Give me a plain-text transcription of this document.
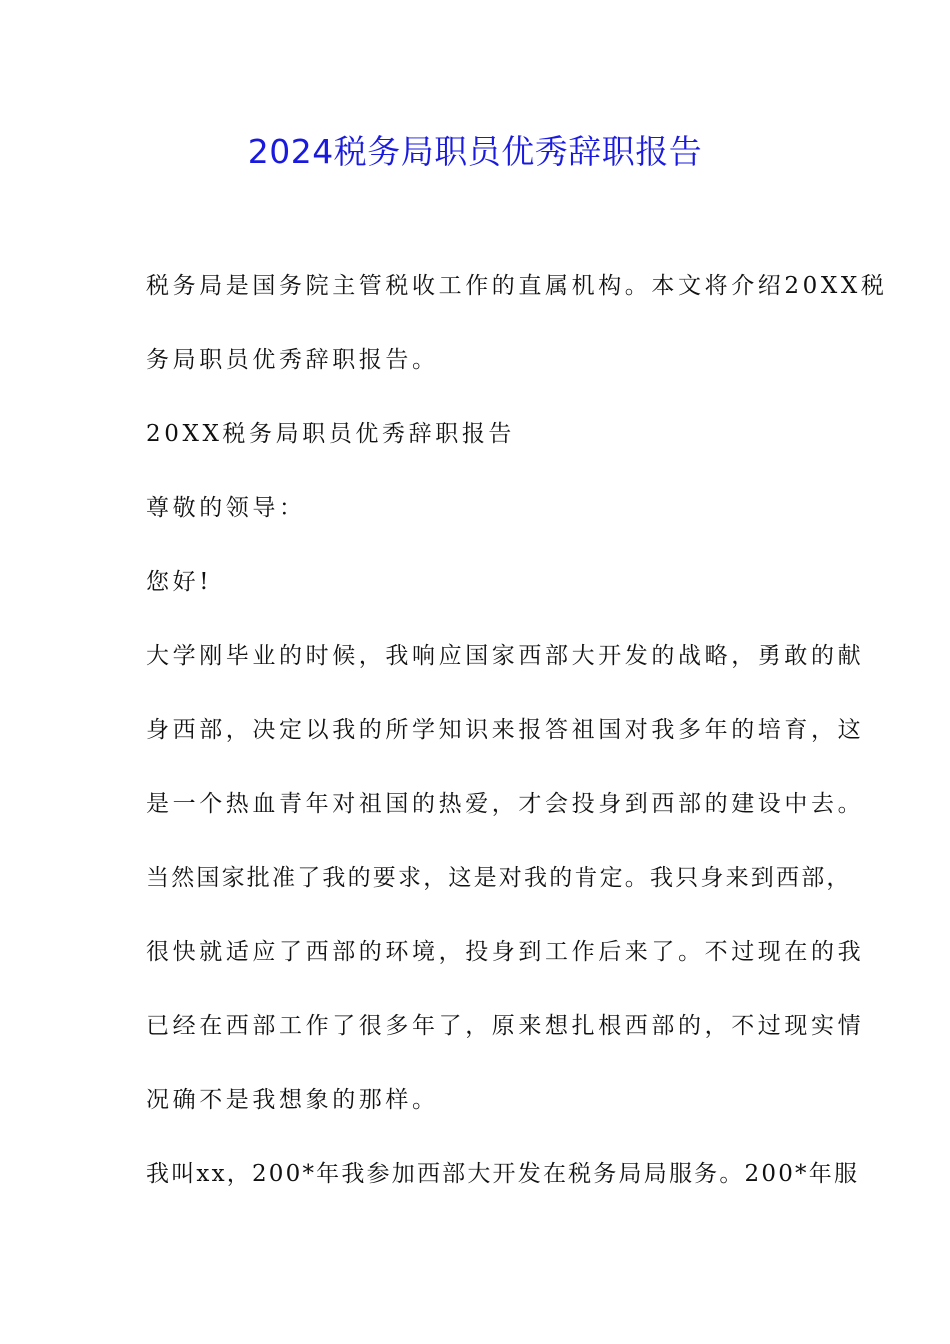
2024税务局职员优秀辞职报告
税务局是国务院主管税收工作的直属机构。本文将介绍20XX税
务局职员优秀辞职报告。
20XX税务局职员优秀辞职报告
尊敬的领导：
您好!
大学刚毕业的时候，我响应国家西部大开发的战略，勇敢的献
身西部，决定以我的所学知识来报答祖国对我多年的培育，这
是一个热血青年对祖国的热爱，才会投身到西部的建设中去。
当然国家批准了我的要求，这是对我的肯定。我只身来到西部，
很快就适应了西部的环境，投身到工作后来了。不过现在的我
已经在西部工作了很多年了，原来想扎根西部的，不过现实情
况确不是我想象的那样。
我叫xx，200*年我参加西部大开发在税务局局服务。200*年服
